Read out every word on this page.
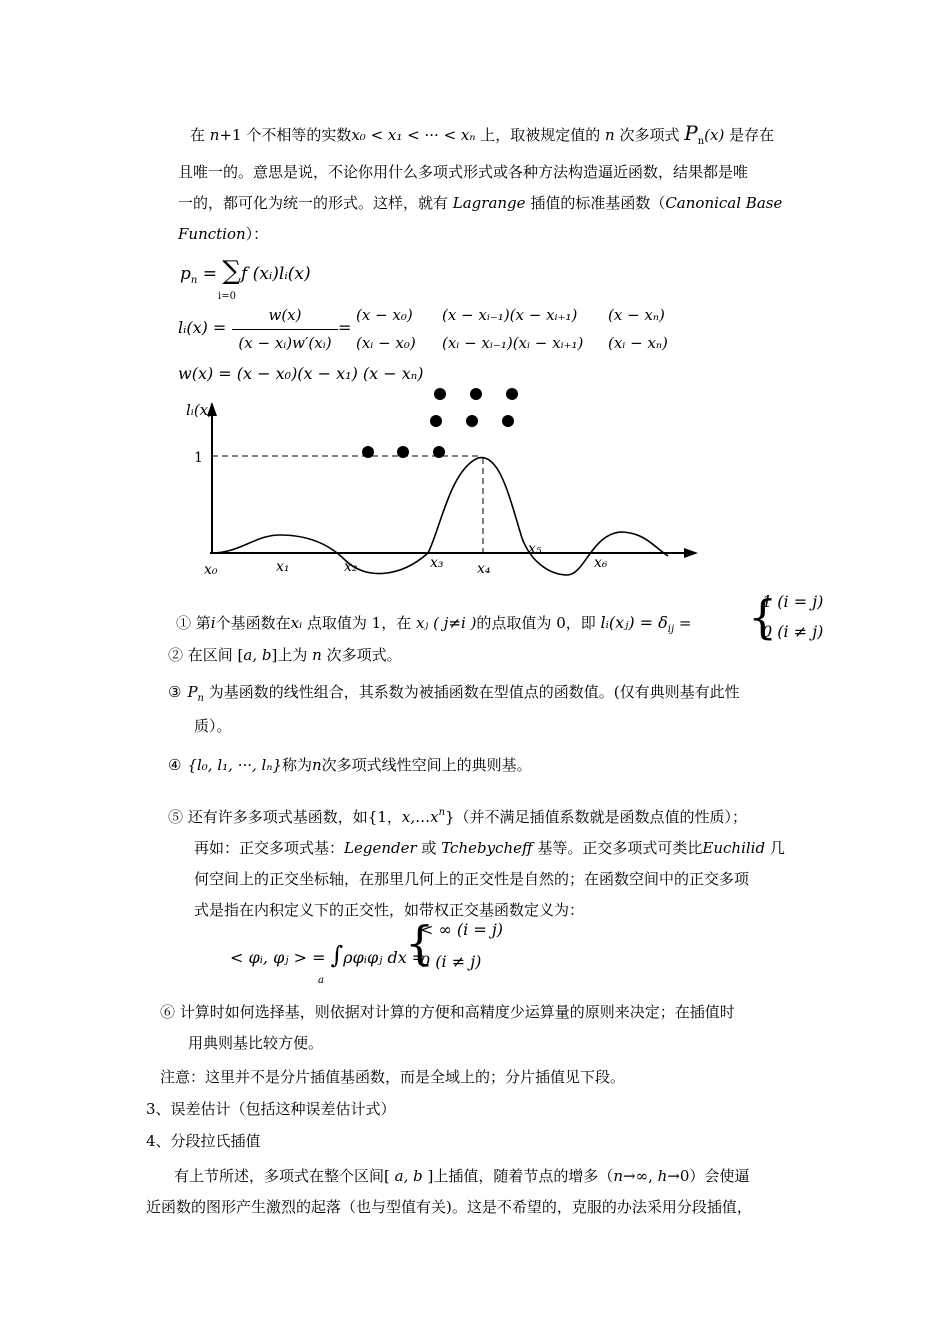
在 n+1 个不相等的实数x₀ < x₁ < ··· < xₙ 上，取被规定值的 n 次多项式 $P_n(x)$ 是存在
且唯一的。意思是说，不论你用什么多项式形式或各种方法构造逼近函数，结果都是唯
一的，都可化为统一的形式。这样，就有 Lagrange 插值的标准基函数（Canonical Base
Function）：
$p_n = \sum f$ (xᵢ)lᵢ(x)
i=0
lᵢ(x) =
w(x)
(x − xᵢ)w′(xᵢ)
=
(x − x₀)
(xᵢ − x₀)
(x − xᵢ₋₁)(x − xᵢ₊₁)
(xᵢ − xᵢ₋₁)(xᵢ − xᵢ₊₁)
(x − xₙ)
(xᵢ − xₙ)
w(x) = (x − x₀)(x − x₁) (x − xₙ)
lᵢ(x)
1
x₀	x₁	x₂	x₃ x₄
x₅
x₆
① 第i个基函数在xᵢ 点取值为 1，在 xⱼ ( j≠i )的点取值为 0，即 lᵢ(xⱼ) = $\delta_{ij}$ = {
1 (i = j)
0 (i ≠ j)
② 在区间 [a, b]上为 n 次多项式。
③ $P_n$ 为基函数的线性组合，其系数为被插函数在型值点的函数值。(仅有典则基有此性
质）。
④ {l₀, l₁, ···, lₙ}称为n次多项式线性空间上的典则基。
⑤ 还有许多多项式基函数，如{1，$x,\dots x^n$}（并不满足插值系数就是函数点值的性质）；
再如：正交多项式基：Legender 或 Tchebycheff 基等。正交多项式可类比Euchilid 几
何空间上的正交坐标轴，在那里几何上的正交性是自然的；在函数空间中的正交多项
式是指在内积定义下的正交性，如带权正交基函数定义为：
< φᵢ, φⱼ > = ∫ρφᵢφⱼ dx =
a
{
< ∞ (i = j)
0 (i ≠ j)
⑥ 计算时如何选择基，则依据对计算的方便和高精度少运算量的原则来决定；在插值时
用典则基比较方便。
注意：这里并不是分片插值基函数，而是全域上的；分片插值见下段。
3、误差估计（包括这种误差估计式）
4、分段拉氏插值
有上节所述，多项式在整个区间[ a, b ]上插值，随着节点的增多（n→∞, h→0）会使逼
近函数的图形产生激烈的起落（也与型值有关)。这是不希望的，克服的办法采用分段插值，
